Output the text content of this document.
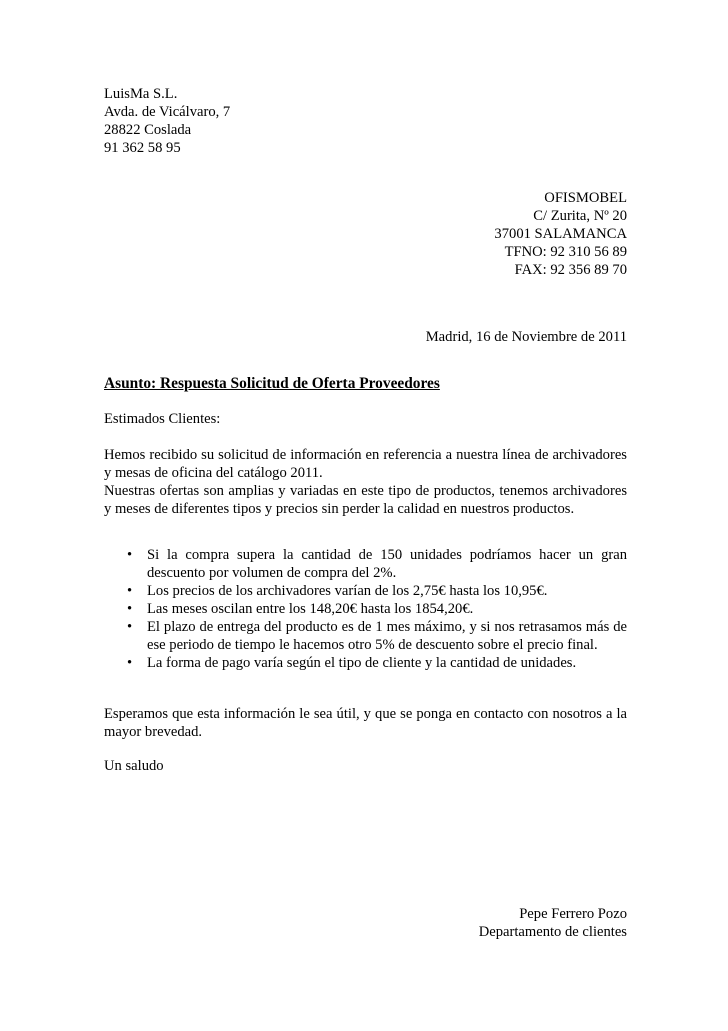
LuisMa S.L.
Avda. de Vicálvaro, 7
28822 Coslada
91 362 58 95
OFISMOBEL
C/ Zurita, Nº 20
37001 SALAMANCA
TFNO: 92 310 56 89
FAX: 92 356 89 70
Madrid, 16 de Noviembre de 2011
Asunto: Respuesta Solicitud de Oferta Proveedores
Estimados Clientes:
Hemos recibido su solicitud de información en referencia a nuestra línea de archivadores y mesas de oficina del catálogo 2011.
Nuestras ofertas son amplias y variadas en este tipo de productos, tenemos archivadores y meses de diferentes tipos y precios sin perder la calidad en nuestros productos.
• Si la compra supera la cantidad de 150 unidades podríamos hacer un gran descuento por volumen de compra del 2%.
• Los precios de los archivadores varían de los 2,75€ hasta los 10,95€.
• Las meses oscilan entre los 148,20€ hasta los 1854,20€.
• El plazo de entrega del producto es de 1 mes máximo, y si nos retrasamos más de ese periodo de tiempo le hacemos otro 5% de descuento sobre el precio final.
• La forma de pago varía según el tipo de cliente y la cantidad de unidades.
Esperamos que esta información le sea útil, y que se ponga en contacto con nosotros a la mayor brevedad.
Un saludo
Pepe Ferrero Pozo
Departamento de clientes
